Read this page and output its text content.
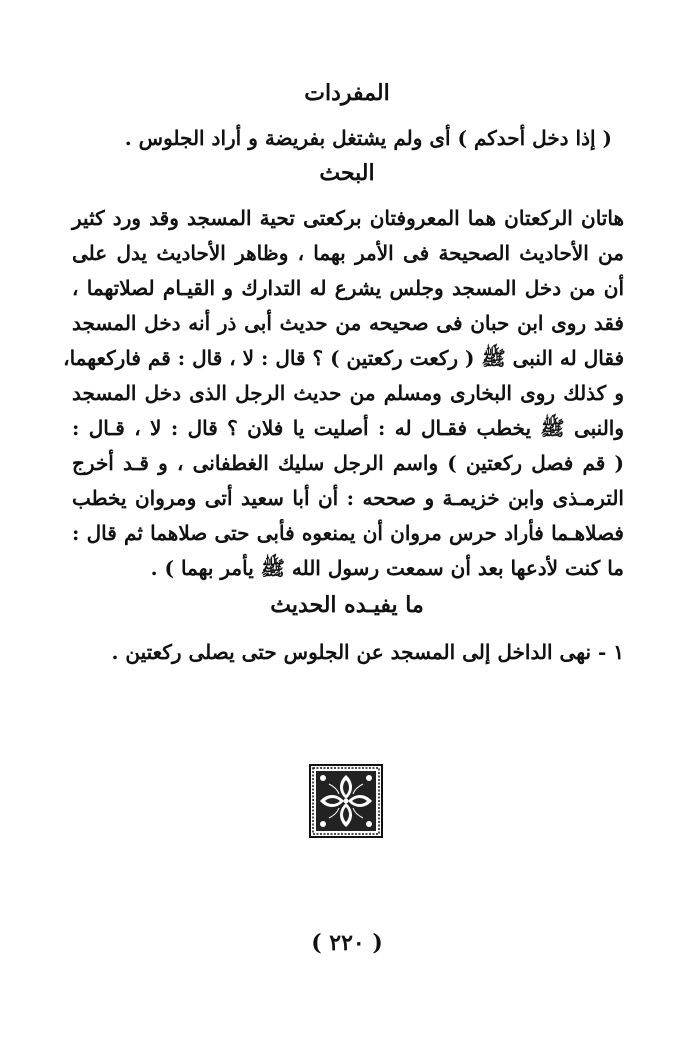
المفردات
( إذا دخل أحدكم ) أى ولم يشتغل بفريضة و أراد الجلوس .
البحث
هاتان الركعتان هما المعروفتان بركعتى تحية المسجد وقد ورد كثير
من الأحاديث الصحيحة فى الأمر بهما ، وظاهر الأحاديث يدل على
أن من دخل المسجد وجلس يشرع له التدارك و القيـام لصلاتهما ،
فقد روى ابن حبان فى صحيحه من حديث أبى ذر أنه دخل المسجد
فقال له النبى ﷺ ( ركعت ركعتين ) ؟ قال : لا ، قال : قم فاركعهما،
و كذلك روى البخارى ومسلم من حديث الرجل الذى دخل المسجد
والنبى ﷺ يخطب فقـال له : أصليت يا فلان ؟ قال : لا ، قـال :
( قم فصل ركعتين ) واسم الرجل سليك الغطفانى ، و قـد أخرج
الترمـذى وابن خزيمـة و صححه : أن أبا سعيد أتى ومروان يخطب
فصلاهـما فأراد حرس مروان أن يمنعوه فأبى حتى صلاهما ثم قال :
ما كنت لأدعها بعد أن سمعت رسول الله ﷺ يأمر بهما ) .
ما يفيـده الحديث
١ - نهى الداخل إلى المسجد عن الجلوس حتى يصلى ركعتين .
( ٢٢٠ )
